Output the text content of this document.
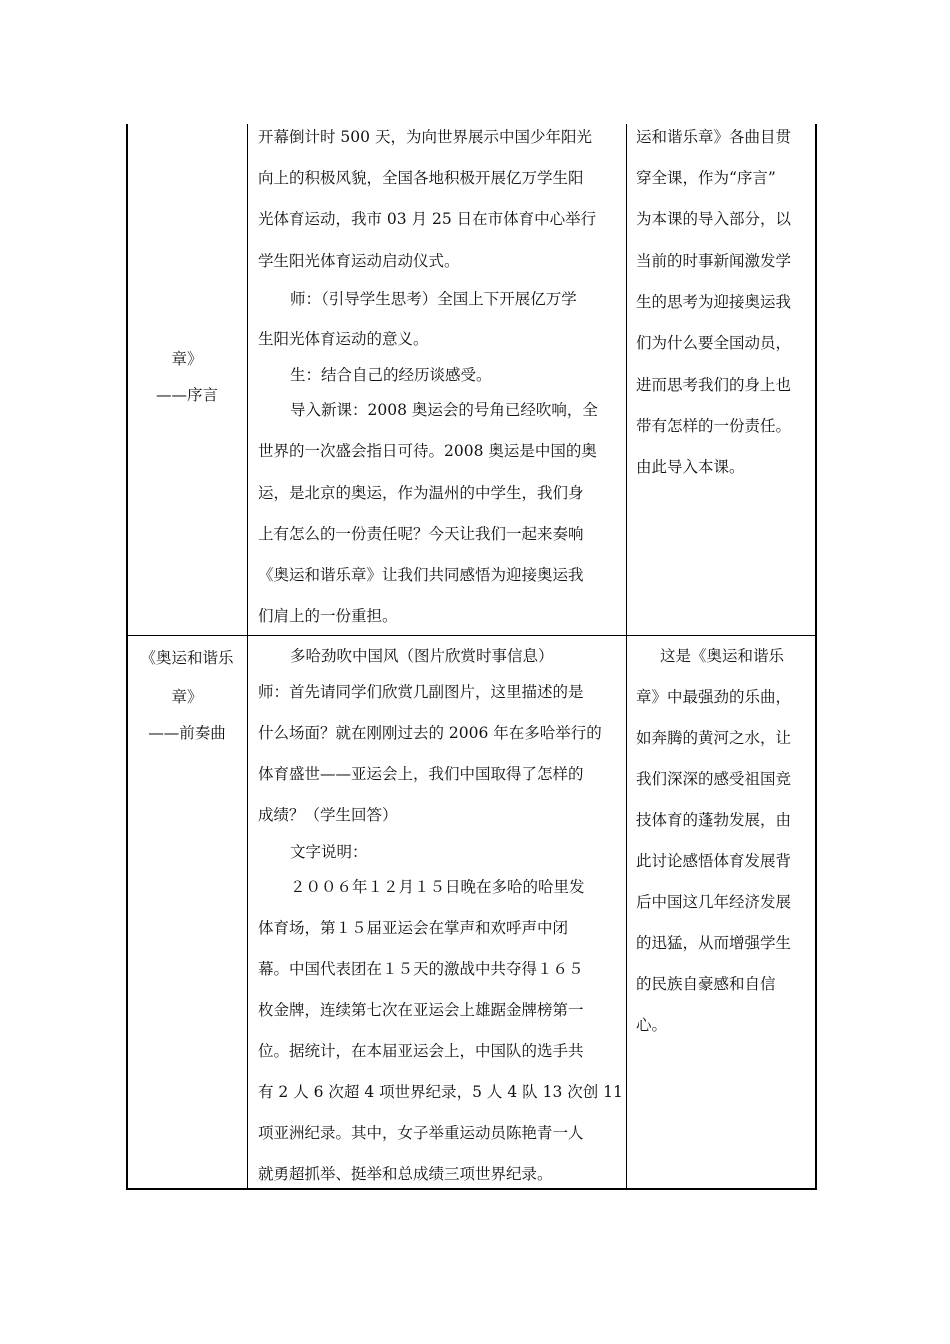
章》
——序言
开幕倒计时 500 天，为向世界展示中国少年阳光
向上的积极风貌，全国各地积极开展亿万学生阳
光体育运动，我市 03 月 25 日在市体育中心举行
学生阳光体育运动启动仪式。
师：（引导学生思考）全国上下开展亿万学
生阳光体育运动的意义。
生：结合自己的经历谈感受。
导入新课：2008 奥运会的号角已经吹响，全
世界的一次盛会指日可待。2008 奥运是中国的奥
运，是北京的奥运，作为温州的中学生，我们身
上有怎么的一份责任呢？今天让我们一起来奏响
《奥运和谐乐章》让我们共同感悟为迎接奥运我
们肩上的一份重担。
运和谐乐章》各曲目贯
穿全课，作为“序言”
为本课的导入部分，以
当前的时事新闻激发学
生的思考为迎接奥运我
们为什么要全国动员，
进而思考我们的身上也
带有怎样的一份责任。
由此导入本课。
《奥运和谐乐
章》
——前奏曲
多哈劲吹中国风（图片欣赏时事信息）
师：首先请同学们欣赏几副图片，这里描述的是
什么场面？就在刚刚过去的 2006 年在多哈举行的
体育盛世——亚运会上，我们中国取得了怎样的
成绩？（学生回答）
文字说明：
２００６年１２月１５日晚在多哈的哈里发
体育场，第１５届亚运会在掌声和欢呼声中闭
幕。中国代表团在１５天的激战中共夺得１６５
枚金牌，连续第七次在亚运会上雄踞金牌榜第一
位。据统计，在本届亚运会上，中国队的选手共
有 2 人 6 次超 4 项世界纪录，5 人 4 队 13 次创 11
项亚洲纪录。其中，女子举重运动员陈艳青一人
就勇超抓举、挺举和总成绩三项世界纪录。
这是《奥运和谐乐
章》中最强劲的乐曲，
如奔腾的黄河之水，让
我们深深的感受祖国竞
技体育的蓬勃发展，由
此讨论感悟体育发展背
后中国这几年经济发展
的迅猛，从而增强学生
的民族自豪感和自信
心。
